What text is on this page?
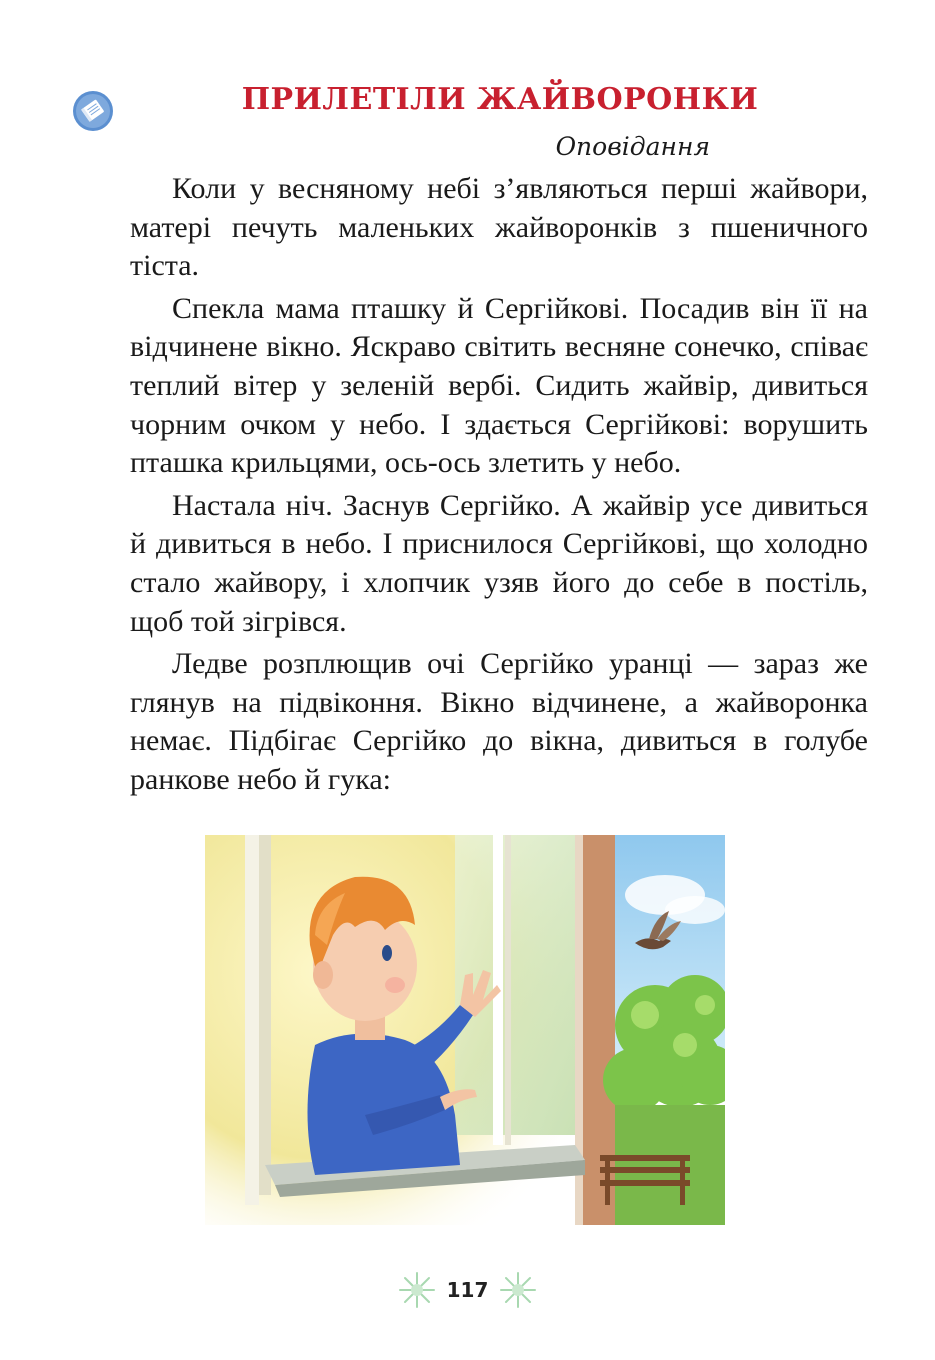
ПРИЛЕТІЛИ ЖАЙВОРОНКИ
Оповідання

Коли у весняному небі з’являються перші жайвори, матері печуть маленьких жайворонків з пшеничного тіста.

Спекла мама пташку й Сергійкові. Посадив він її на відчинене вікно. Яскраво світить весняне сонечко, співає теплий вітер у зеленій вербі. Сидить жайвір, дивиться чорним очком у небо. І здається Сергійкові: ворушить пташка крильцями, ось-ось злетить у небо.

Настала ніч. Заснув Сергійко. А жайвір усе дивиться й дивиться в небо. І приснилося Сергійкові, що холодно стало жайвору, і хлопчик узяв його до себе в постіль, щоб той зігрівся.

Ледве розплющив очі Сергійко уранці — зараз же глянув на підвіконня. Вікно відчинене, а жайворонка немає. Підбігає Сергійко до вікна, дивиться в голубе ранкове небо й гука:

117
